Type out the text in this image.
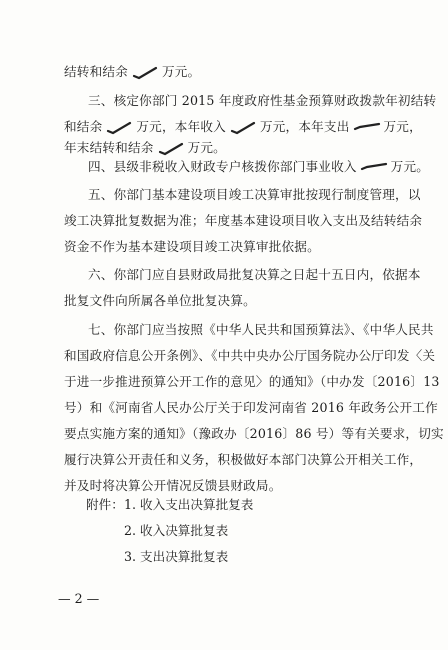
结转和结余	万元。
三、核定你部门 2015 年度政府性基金预算财政拨款年初结转
和结余	万元，本年收入	万元，本年支出	万元，
年末结转和结余	万元。
四、县级非税收入财政专户核拨你部门事业收入	万元。
五、你部门基本建设项目竣工决算审批按现行制度管理，以
竣工决算批复数据为准；年度基本建设项目收入支出及结转结余
资金不作为基本建设项目竣工决算审批依据。
六、你部门应自县财政局批复决算之日起十五日内，依据本
批复文件向所属各单位批复决算。
七、你部门应当按照《中华人民共和国预算法》、《中华人民共
和国政府信息公开条例》、《中共中央办公厅国务院办公厅印发〈关
于进一步推进预算公开工作的意见〉的通知》（中办发〔2016〕13
号）和《河南省人民办公厅关于印发河南省 2016 年政务公开工作
要点实施方案的通知》（豫政办〔2016〕86 号）等有关要求，切实
履行决算公开责任和义务，积极做好本部门决算公开相关工作，
并及时将决算公开情况反馈县财政局。
附件： 1. 收入支出决算批复表
2. 收入决算批复表
3. 支出决算批复表
— 2 —
